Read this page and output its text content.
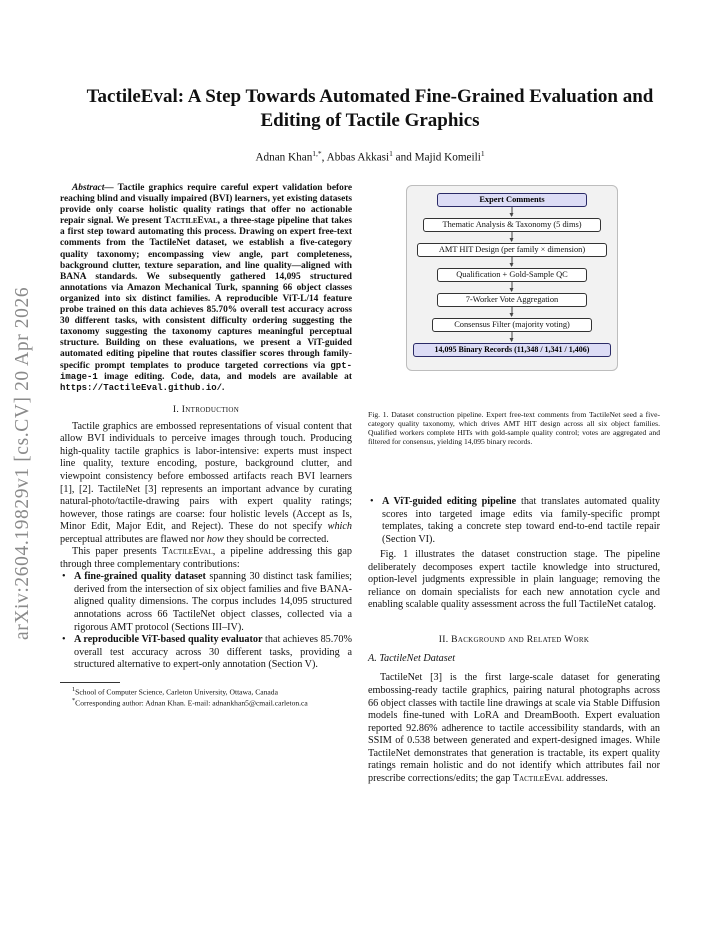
arXiv:2604.19829v1 [cs.CV] 20 Apr 2026
TactileEval: A Step Towards Automated Fine-Grained Evaluation and Editing of Tactile Graphics
Adnan Khan$^{1,*}$, Abbas Akkasi$^1$ and Majid Komeili$^1$

Abstract— Tactile graphics require careful expert validation before reaching blind and visually impaired (BVI) learners, yet existing datasets provide only coarse holistic quality ratings that offer no actionable repair signal. We present TactileEval, a three-stage pipeline that takes a first step toward automating this process. Drawing on expert free-text comments from the TactileNet dataset, we establish a five-category quality taxonomy; encompassing view angle, part completeness, background clutter, texture separation, and line quality—aligned with BANA standards. We subsequently gathered 14,095 structured annotations via Amazon Mechanical Turk, spanning 66 object classes organized into six distinct families. A reproducible ViT-L/14 feature probe trained on this data achieves 85.70% overall test accuracy across 30 different tasks, with consistent difficulty ordering suggesting the taxonomy suggesting the taxonomy captures meaningful perceptual structure. Building on these evaluations, we present a ViT-guided automated editing pipeline that routes classifier scores through family-specific prompt templates to produce targeted corrections via gpt-image-1 image editing. Code, data, and models are available at https://TactileEval.github.io/.

I. Introduction

Tactile graphics are embossed representations of visual content that allow BVI individuals to perceive images through touch. Producing high-quality tactile graphics is labor-intensive: experts must inspect line quality, texture encoding, posture, background clutter, and viewpoint consistency before embossed artifacts reach BVI learners [1], [2]. TactileNet [3] represents an important advance by curating natural-photo/tactile-drawing pairs with expert quality ratings; however, those ratings are coarse: four holistic levels (Accept as Is, Minor Edit, Major Edit, and Reject). These do not specify which perceptual attributes are flawed nor how they should be corrected.

This paper presents TactileEval, a pipeline addressing this gap through three complementary contributions:

• A fine-grained quality dataset spanning 30 distinct task families; derived from the intersection of six object families and five BANA-aligned quality dimensions. The corpus includes 14,095 structured annotations across 66 TactileNet object classes, collected via a rigorous AMT protocol (Sections III–IV).
• A reproducible ViT-based quality evaluator that achieves 85.70% overall test accuracy across 30 different tasks, providing a structured alternative to expert-only annotation (Section V).

$^1$School of Computer Science, Carleton University, Ottawa, Canada

*Corresponding author: Adnan Khan. E-mail: adnankhan5@cmail.carleton.ca

Expert Comments
Thematic Analysis & Taxonomy (5 dims)
AMT HIT Design (per family × dimension)
Qualification + Gold-Sample QC
7-Worker Vote Aggregation
Consensus Filter (majority voting)
14,095 Binary Records (11,348 / 1,341 / 1,406)
Fig. 1. Dataset construction pipeline. Expert free-text comments from TactileNet seed a five-category quality taxonomy, which drives AMT HIT design across all six object families. Qualified workers complete HITs with gold-sample quality control; votes are aggregated and filtered for consensus, yielding 14,095 binary records.
• A ViT-guided editing pipeline that translates automated quality scores into targeted image edits via family-specific prompt templates, taking a concrete step toward end-to-end tactile repair (Section VI).

Fig. 1 illustrates the dataset construction stage. The pipeline deliberately decomposes expert tactile knowledge into structured, option-level judgments expressible in plain language; removing the reliance on domain specialists for each new annotation cycle and enabling scalable quality assessment across the full TactileNet catalog.

II. Background and Related Work
A. TactileNet Dataset

TactileNet [3] is the first large-scale dataset for generating embossing-ready tactile graphics, pairing natural photographs across 66 object classes with tactile line drawings at scale via Stable Diffusion models fine-tuned with LoRA and DreamBooth. Expert evaluation reported 92.86% adherence to tactile accessibility standards, with an SSIM of 0.538 between generated and expert-designed images. While TactileNet demonstrates that generation is tractable, its expert quality ratings remain holistic and do not identify which attributes fail nor prescribe corrections/edits; the gap TactileEval addresses.
